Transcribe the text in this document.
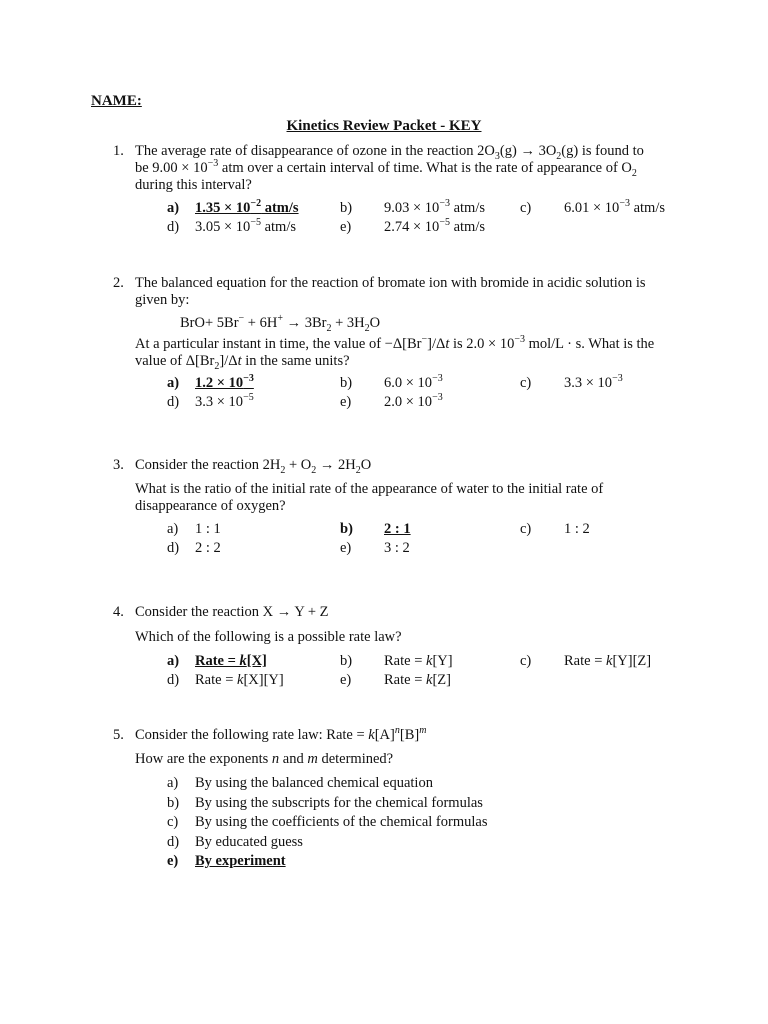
NAME:
Kinetics Review Packet - KEY
1. The average rate of disappearance of ozone in the reaction $2O_3(g) \to 3O_2(g)$ is found to
be $9.00 \times 10^{-3}$ atm over a certain interval of time. What is the rate of appearance of $O_2$
during this interval?
a) $1.35 \times 10^{-2}$ atm/s	b) $9.03 \times 10^{-3}$ atm/s c) $6.01 \times 10^{-3}$ atm/s
d) $3.05 \times 10^{-5}$ atm/s	e) $2.74 \times 10^{-5}$ atm/s
2. The balanced equation for the reaction of bromate ion with bromide in acidic solution is
given by:
$BrO+ 5Br^- + 6H^+ \to 3Br_2 + 3H_2O$
At a particular instant in time, the value of −Δ[Br−]/Δt is $2.0 \times 10^{-3}$ mol/L · s. What is the
value of $\Delta[Br_2]/\Delta t$ in the same units?
a) $1.2 \times 10^{-3}$	b) $6.0 \times 10^{-3}$	c) $3.3 \times 10^{-3}$
d) $3.3 \times 10^{-5}$	e) $2.0 \times 10^{-3}$
3. Consider the reaction $2H_2 + O_2 \to 2H_2O$
What is the ratio of the initial rate of the appearance of water to the initial rate of
disappearance of oxygen?
a) 1 : 1	b) 2 : 1	c) 1 : 2
d) 2 : 2	e) 3 : 2
4. Consider the reaction X → Y + Z
Which of the following is a possible rate law?
a) Rate = k[X]	b) Rate = k[Y]	c) Rate = k[Y][Z]
d) Rate = k[X][Y]	e) Rate = k[Z]
5. Consider the following rate law: Rate = $k[A]^n[B]^m$
How are the exponents n and m determined?
a) By using the balanced chemical equation
b) By using the subscripts for the chemical formulas
c) By using the coefficients of the chemical formulas
d) By educated guess
e) By experiment
